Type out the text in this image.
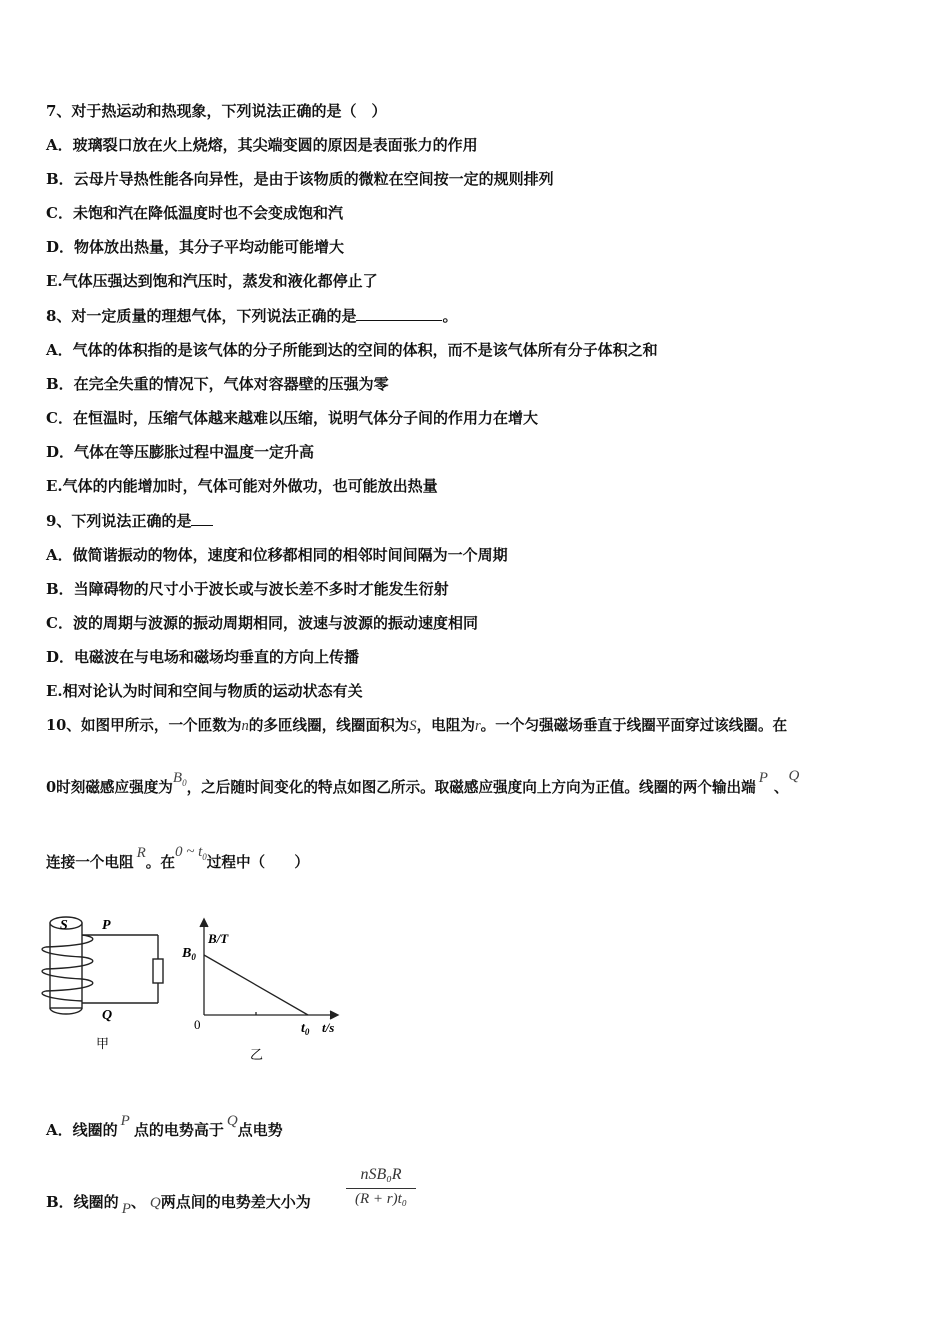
7、对于热运动和热现象，下列说法正确的是（　）
A．玻璃裂口放在火上烧熔，其尖端变圆的原因是表面张力的作用
B．云母片导热性能各向异性，是由于该物质的微粒在空间按一定的规则排列
C．未饱和汽在降低温度时也不会变成饱和汽
D．物体放出热量，其分子平均动能可能增大
E.气体压强达到饱和汽压时，蒸发和液化都停止了
8、对一定质量的理想气体，下列说法正确的是	。
A．气体的体积指的是该气体的分子所能到达的空间的体积，而不是该气体所有分子体积之和
B．在完全失重的情况下，气体对容器壁的压强为零
C．在恒温时，压缩气体越来越难以压缩，说明气体分子间的作用力在增大
D．气体在等压膨胀过程中温度一定升高
E.气体的内能增加时，气体可能对外做功，也可能放出热量
9、下列说法正确的是
A．做简谐振动的物体，速度和位移都相同的相邻时间间隔为一个周期
B．当障碍物的尺寸小于波长或与波长差不多时才能发生衍射
C．波的周期与波源的振动周期相同，波速与波源的振动速度相同
D．电磁波在与电场和磁场均垂直的方向上传播
E.相对论认为时间和空间与物质的运动状态有关
10、如图甲所示，一个匝数为n的多匝线圈，线圈面积为S，电阻为r。一个匀强磁场垂直于线圈平面穿过该线圈。在
0时刻磁感应强度为$B_0$，之后随时间变化的特点如图乙所示。取磁感应强度向上方向为正值。线圈的两个输出端P、Q
连接一个电阻R。在0 ~ $t_0$过程中（　　）
S P
Q
甲
B/T
$B_0$
0	$t_0$ t/s
乙
A．线圈的 P 点的电势高于 Q点电势
B．线圈的 P、 Q两点间的电势差大小为
nSB₀R
(R + r)t₀
